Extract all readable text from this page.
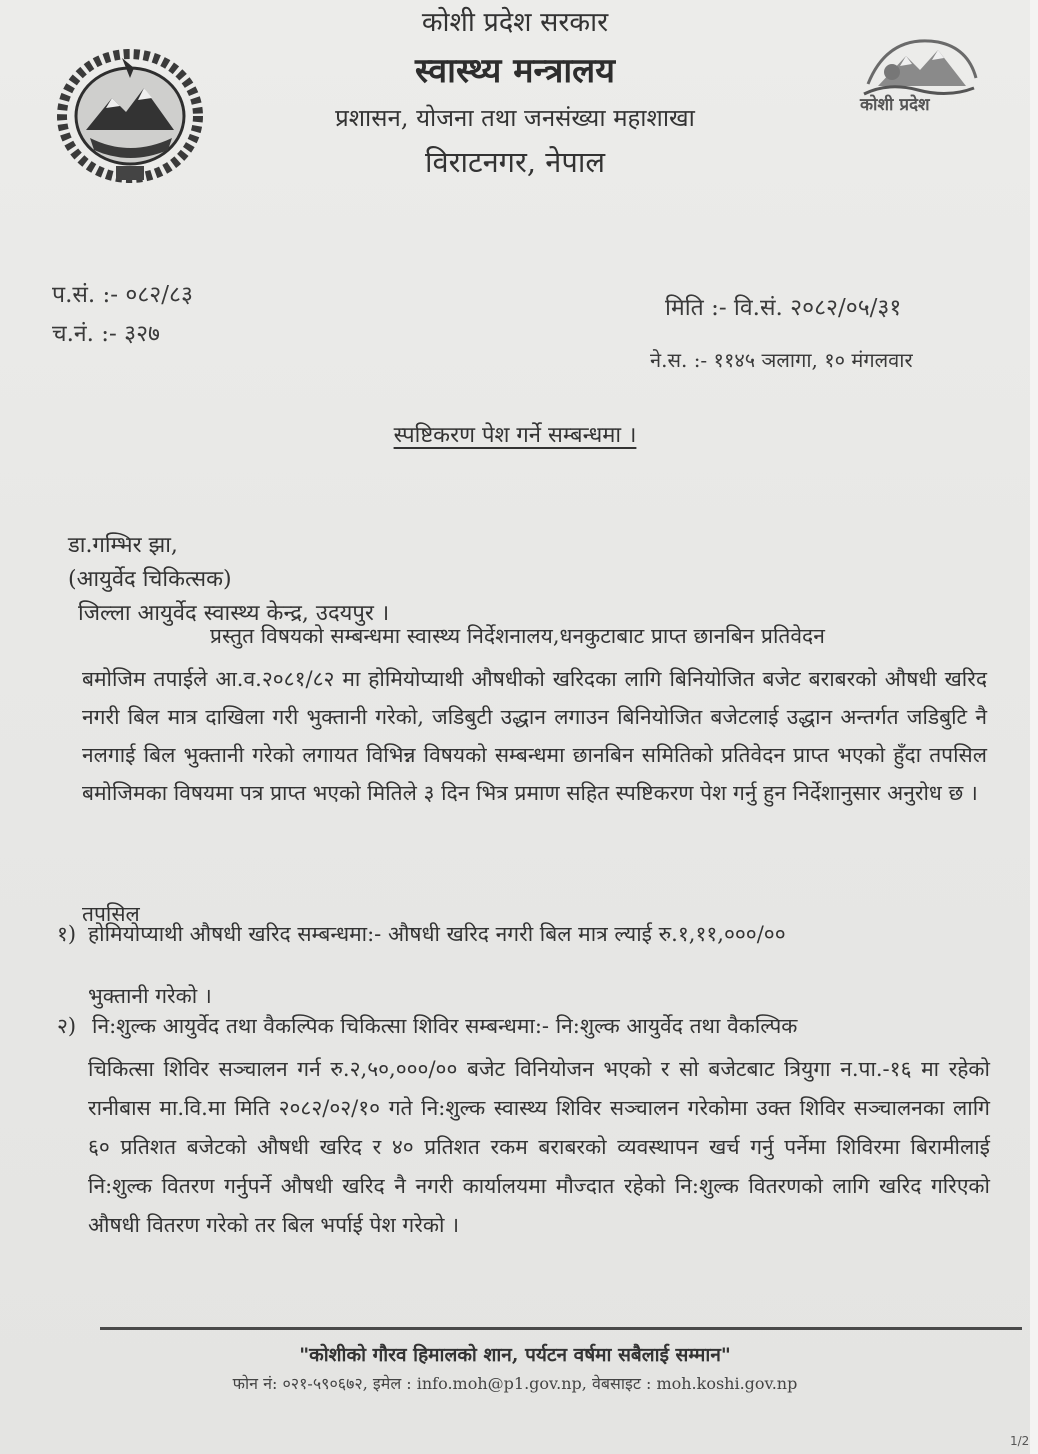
कोशी प्रदेश
कोशी प्रदेश सरकार
स्वास्थ्य मन्त्रालय
प्रशासन, योजना तथा जनसंख्या महाशाखा
विराटनगर, नेपाल
प.सं. :- ०८२/८३
च.नं. :- ३२७
मिति :- वि.सं. २०८२/०५/३१
ने.स. :- ११४५ ञलागा, १० मंगलवार
स्पष्टिकरण पेश गर्ने सम्बन्धमा ।
डा.गम्भिर झा,
(आयुर्वेद चिकित्सक)
जिल्ला आयुर्वेद स्वास्थ्य केन्द्र, उदयपुर ।
प्रस्तुत विषयको सम्बन्धमा स्वास्थ्य निर्देशनालय,धनकुटाबाट प्राप्त छानबिन प्रतिवेदन

बमोजिम तपाईले आ.व.२०८१/८२ मा होमियोप्याथी औषधीको खरिदका लागि बिनियोजित बजेट बराबरको औषधी खरिद नगरी बिल मात्र दाखिला गरी भुक्तानी गरेको, जडिबुटी उद्धान लगाउन बिनियोजित बजेटलाई उद्धान अन्तर्गत जडिबुटि नै नलगाई बिल भुक्तानी गरेको लगायत विभिन्न विषयको सम्बन्धमा छानबिन समितिको प्रतिवेदन प्राप्त भएको हुँदा तपसिल बमोजिमका विषयमा पत्र प्राप्त भएको मितिले ३ दिन भित्र प्रमाण सहित स्पष्टिकरण पेश गर्नु हुन निर्देशानुसार अनुरोध छ ।

तपसिल
१) होमियोप्याथी औषधी खरिद सम्बन्धमा:- औषधी खरिद नगरी बिल मात्र ल्याई रु.१,११,०००/००
भुक्तानी गरेको ।
२) नि:शुल्क आयुर्वेद तथा वैकल्पिक चिकित्सा शिविर सम्बन्धमा:- नि:शुल्क आयुर्वेद तथा वैकल्पिक

चिकित्सा शिविर सञ्चालन गर्न रु.२,५०,०००/०० बजेट विनियोजन भएको र सो बजेटबाट त्रियुगा न.पा.-१६ मा रहेको रानीबास मा.वि.मा मिति २०८२/०२/१० गते नि:शुल्क स्वास्थ्य शिविर सञ्चालन गरेकोमा उक्त शिविर सञ्चालनका लागि ६० प्रतिशत बजेटको औषधी खरिद र ४० प्रतिशत रकम बराबरको व्यवस्थापन खर्च गर्नु पर्नेमा शिविरमा बिरामीलाई नि:शुल्क वितरण गर्नुपर्ने औषधी खरिद नै नगरी कार्यालयमा मौज्दात रहेको नि:शुल्क वितरणको लागि खरिद गरिएको औषधी वितरण गरेको तर बिल भर्पाई पेश गरेको ।

"कोशीको गौरव हिमालको शान, पर्यटन वर्षमा सबैलाई सम्मान"
फोन नं: ०२१-५९०६७२, इमेल : info.moh@p1.gov.np, वेबसाइट : moh.koshi.gov.np
1/2
